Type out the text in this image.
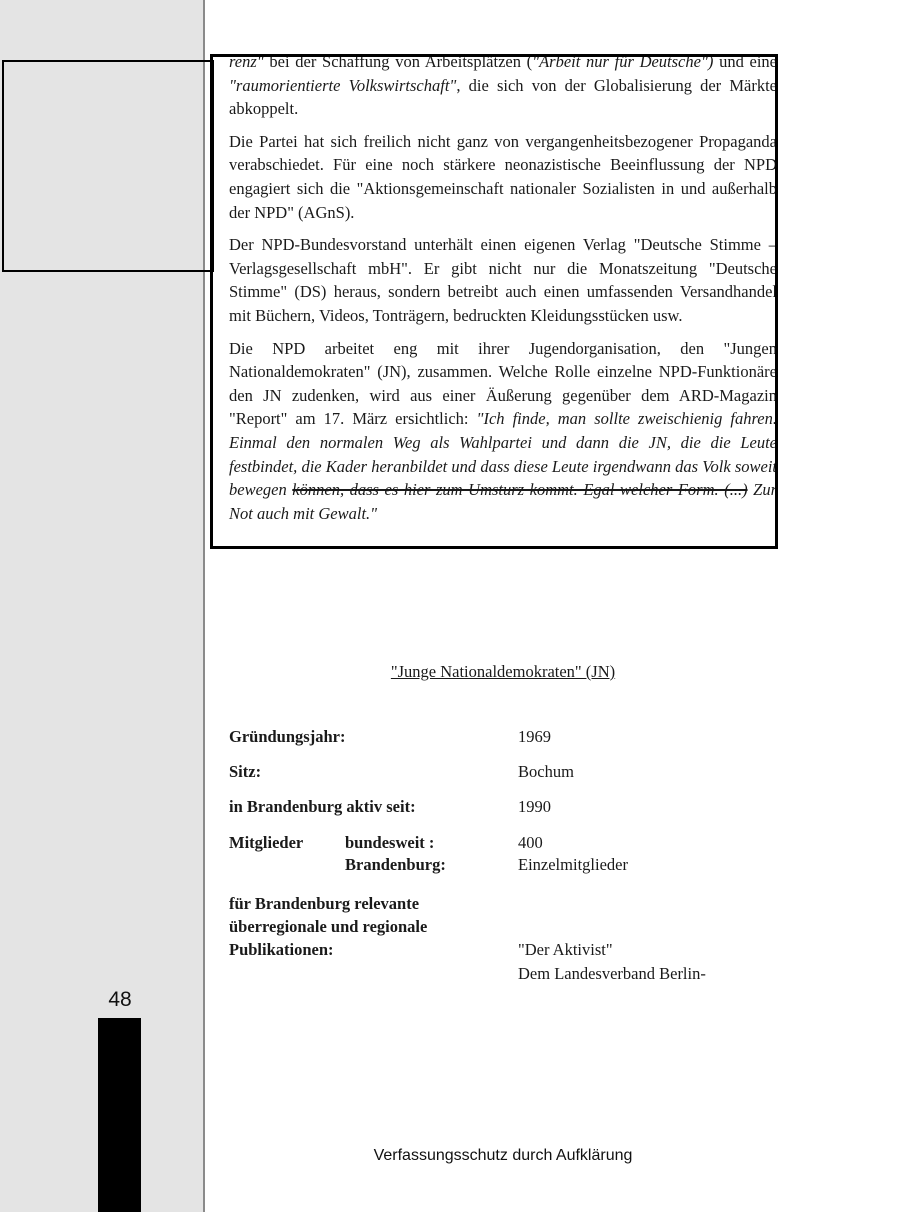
renz" bei der Schaffung von Arbeitsplätzen ("Arbeit nur für Deutsche") und eine "raumorientierte Volkswirtschaft", die sich von der Globalisierung der Märkte abkoppelt.

Die Partei hat sich freilich nicht ganz von vergangenheitsbezogener Propaganda verabschiedet. Für eine noch stärkere neonazistische Beeinflussung der NPD engagiert sich die "Aktionsgemeinschaft nationaler Sozialisten in und außerhalb der NPD" (AGnS).

Der NPD-Bundesvorstand unterhält einen eigenen Verlag "Deutsche Stimme – Verlagsgesellschaft mbH". Er gibt nicht nur die Monatszeitung "Deutsche Stimme" (DS) heraus, sondern betreibt auch einen umfassenden Versandhandel mit Büchern, Videos, Tonträgern, bedruckten Kleidungsstücken usw.

Die NPD arbeitet eng mit ihrer Jugendorganisation, den "Jungen Nationaldemokraten" (JN), zusammen. Welche Rolle einzelne NPD-Funktionäre den JN zudenken, wird aus einer Äußerung gegenüber dem ARD-Magazin "Report" am 17. März ersichtlich: "Ich finde, man sollte zweischienig fahren. Einmal den normalen Weg als Wahlpartei und dann die JN, die die Leute festbindet, die Kader heranbildet und dass diese Leute irgendwann das Volk soweit bewegen können, dass es hier zum Umsturz kommt. Egal welcher Form. (...) Zur Not auch mit Gewalt."

"Junge Nationaldemokraten" (JN)
Gründungsjahr:	1969
Sitz:	Bochum
in Brandenburg aktiv seit:	1990
Mitglieder	bundesweit :	400
Brandenburg:	Einzelmitglieder
für Brandenburg relevante
überregionale und regionale
Publikationen:	"Der Aktivist"
Dem Landesverband Berlin-
48
Verfassungsschutz durch Aufklärung
